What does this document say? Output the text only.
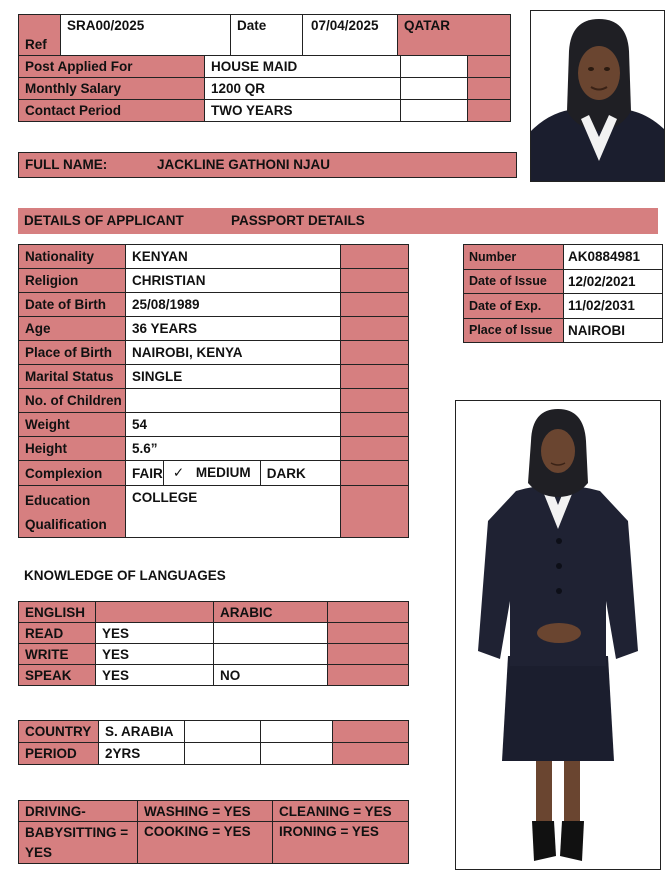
Ref	SRA00/2025	Date	07/04/2025	QATAR
Post Applied For	HOUSE MAID		
Monthly Salary	1200 QR		
Contact Period	TWO YEARS		
FULL NAME:	JACKLINE GATHONI NJAU
DETAILS OF APPLICANT	PASSPORT DETAILS
Nationality	KENYAN	
Religion	CHRISTIAN	
Date of Birth	25/08/1989	
Age	36 YEARS	
Place of Birth	NAIROBI, KENYA	
Marital Status	SINGLE	
No. of Children		
Weight	54	
Height	5.6”	
Complexion	FAIR	✓ MEDIUM	DARK

Education
Qualification	COLLEGE	
Number	AK0884981
Date of Issue	12/02/2021
Date of Exp.	11/02/2031
Place of Issue	NAIROBI
KNOWLEDGE OF LANGUAGES
ENGLISH		ARABIC	
READ	YES		
WRITE	YES		
SPEAK	YES	NO	
COUNTRY	S. ARABIA			
PERIOD	2YRS			
DRIVING-	WASHING = YES	CLEANING = YES
BABYSITTING =
YES	COOKING = YES	IRONING = YES
